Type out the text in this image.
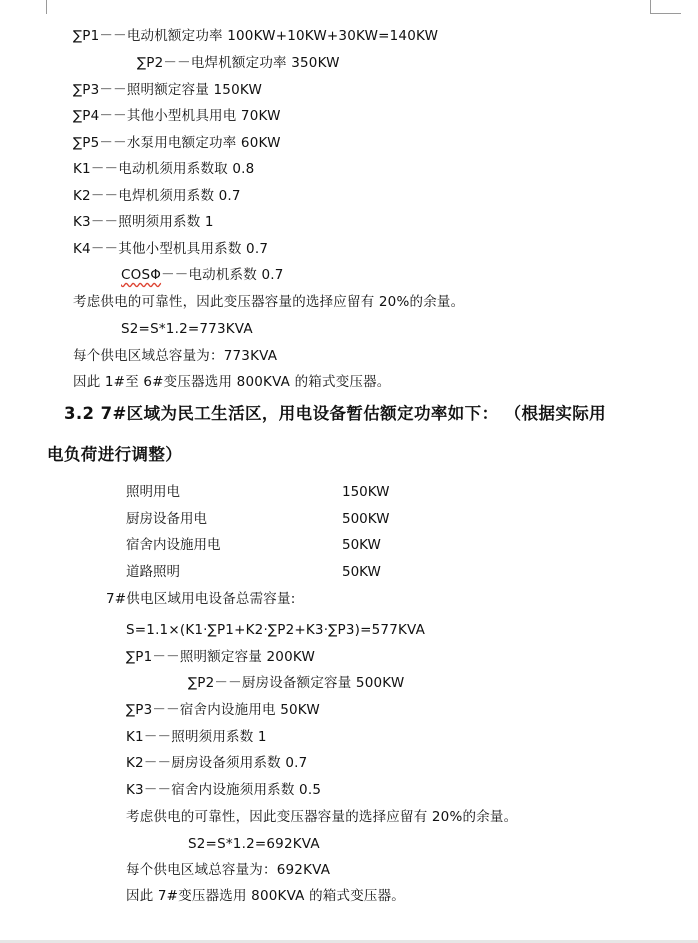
∑P1－－电动机额定功率 100KW+10KW+30KW=140KW
∑P2－－电焊机额定功率 350KW
∑P3－－照明额定容量 150KW
∑P4－－其他小型机具用电 70KW
∑P5－－水泵用电额定功率 60KW
K1－－电动机须用系数取 0.8
K2－－电焊机须用系数 0.7
K3－－照明须用系数 1
K4－－其他小型机具用系数 0.7
COSΦ－－电动机系数 0.7
考虑供电的可靠性，因此变压器容量的选择应留有 20%的余量。
S2=S*1.2=773KVA
每个供电区域总容量为：773KVA
因此 1#至 6#变压器选用 800KVA 的箱式变压器。
3.2 7#区域为民工生活区，用电设备暂估额定功率如下： （根据实际用
电负荷进行调整）
照明用电	150KW
厨房设备用电	500KW
宿舍内设施用电	50KW
道路照明	50KW
7#供电区域用电设备总需容量:
S=1.1×(K1·∑P1+K2·∑P2+K3·∑P3)=577KVA
∑P1－－照明额定容量 200KW
∑P2－－厨房设备额定容量 500KW
∑P3－－宿舍内设施用电 50KW
K1－－照明须用系数 1
K2－－厨房设备须用系数 0.7
K3－－宿舍内设施须用系数 0.5
考虑供电的可靠性，因此变压器容量的选择应留有 20%的余量。
S2=S*1.2=692KVA
每个供电区域总容量为：692KVA
因此 7#变压器选用 800KVA 的箱式变压器。
